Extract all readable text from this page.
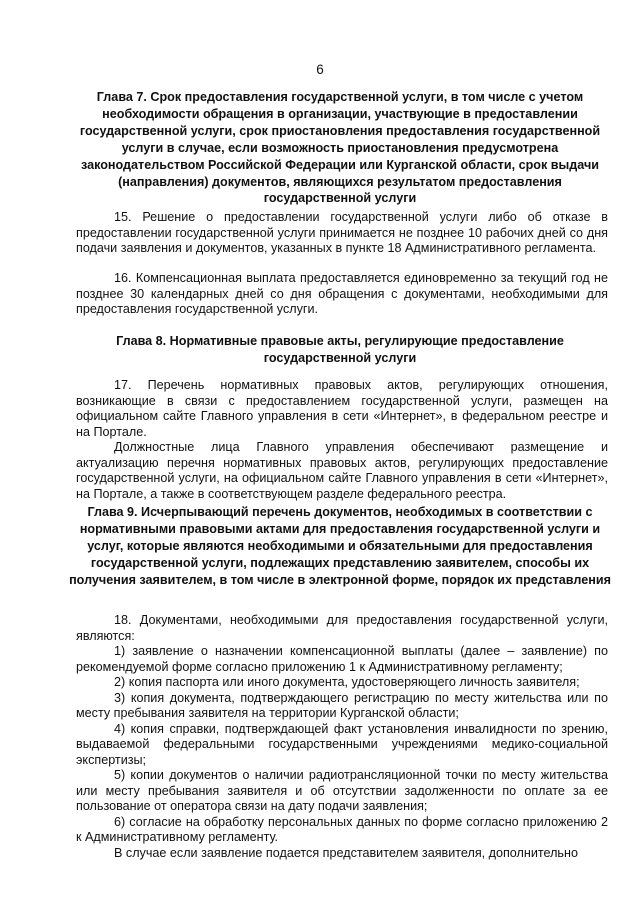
6
Глава 7. Срок предоставления государственной услуги, в том числе с учетом необходимости обращения в организации, участвующие в предоставлении государственной услуги, срок приостановления предоставления государственной услуги в случае, если возможность приостановления предусмотрена законодательством Российской Федерации или Курганской области, срок выдачи (направления) документов, являющихся результатом предоставления государственной услуги
15. Решение о предоставлении государственной услуги либо об отказе в предоставлении государственной услуги принимается не позднее 10 рабочих дней со дня подачи заявления и документов, указанных в пункте 18 Административного регламента.
16. Компенсационная выплата предоставляется единовременно за текущий год не позднее 30 календарных дней со дня обращения с документами, необходимыми для предоставления государственной услуги.
Глава 8. Нормативные правовые акты, регулирующие предоставление государственной услуги
17. Перечень нормативных правовых актов, регулирующих отношения, возникающие в связи с предоставлением государственной услуги, размещен на официальном сайте Главного управления в сети «Интернет», в федеральном реестре и на Портале.
Должностные лица Главного управления обеспечивают размещение и актуализацию перечня нормативных правовых актов, регулирующих предоставление государственной услуги, на официальном сайте Главного управления в сети «Интернет», на Портале, а также в соответствующем разделе федерального реестра.
Глава 9. Исчерпывающий перечень документов, необходимых в соответствии с нормативными правовыми актами для предоставления государственной услуги и услуг, которые являются необходимыми и обязательными для предоставления государственной услуги, подлежащих представлению заявителем, способы их получения заявителем, в том числе в электронной форме, порядок их представления
18. Документами, необходимыми для предоставления государственной услуги, являются:
1) заявление о назначении компенсационной выплаты (далее – заявление) по рекомендуемой форме согласно приложению 1 к Административному регламенту;
2) копия паспорта или иного документа, удостоверяющего личность заявителя;
3) копия документа, подтверждающего регистрацию по месту жительства или по месту пребывания заявителя на территории Курганской области;
4) копия справки, подтверждающей факт установления инвалидности по зрению, выдаваемой федеральными государственными учреждениями медико-социальной экспертизы;
5) копии документов о наличии радиотрансляционной точки по месту жительства или месту пребывания заявителя и об отсутствии задолженности по оплате за ее пользование от оператора связи на дату подачи заявления;
6) согласие на обработку персональных данных по форме согласно приложению 2 к Административному регламенту.
В случае если заявление подается представителем заявителя, дополнительно
